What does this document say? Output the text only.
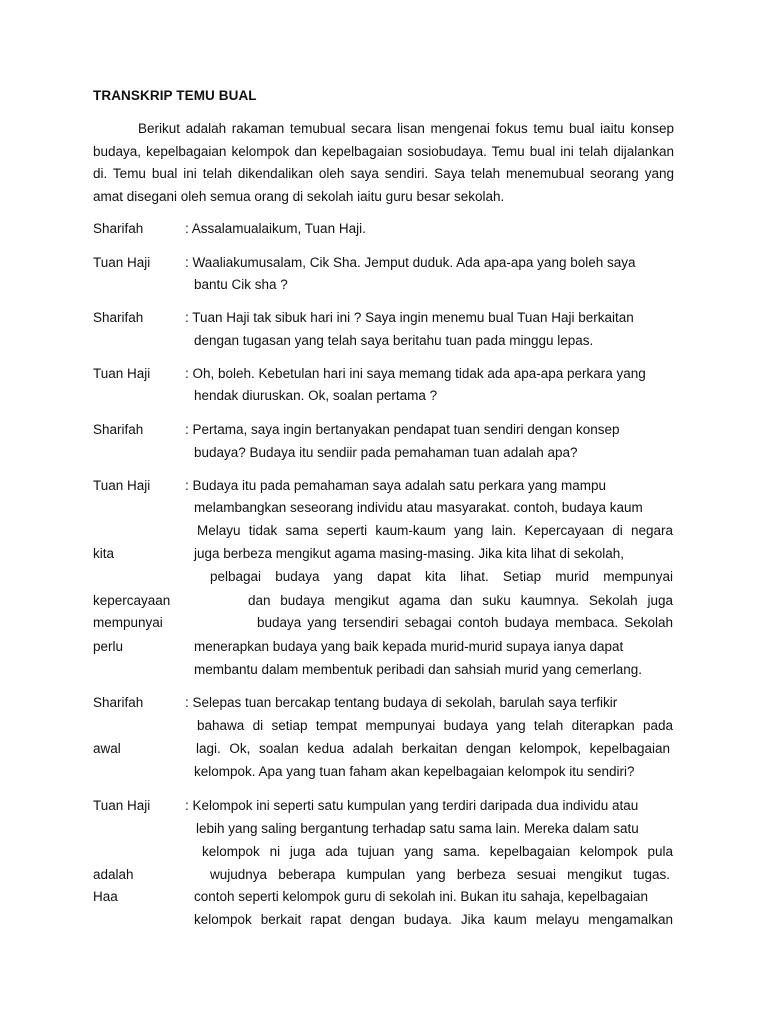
TRANSKRIP TEMU BUAL
Berikut adalah rakaman temubual secara lisan mengenai fokus temu bual iaitu konsep budaya, kepelbagaian kelompok dan kepelbagaian sosiobudaya. Temu bual ini telah dijalankan di. Temu bual ini telah dikendalikan oleh saya sendiri. Saya telah menemubual seorang yang amat disegani oleh semua orang di sekolah iaitu guru besar sekolah.
Sharifah	: Assalamualaikum, Tuan Haji.
Tuan Haji	: Waaliakumusalam, Cik Sha. Jemput duduk. Ada apa-apa yang boleh saya
bantu Cik sha ?
Sharifah	: Tuan Haji tak sibuk hari ini ? Saya ingin menemu bual Tuan Haji berkaitan
dengan tugasan yang telah saya beritahu tuan pada minggu lepas.
Tuan Haji	: Oh, boleh. Kebetulan hari ini saya memang tidak ada apa-apa perkara yang
hendak diuruskan. Ok, soalan pertama ?
Sharifah	: Pertama, saya ingin bertanyakan pendapat tuan sendiri dengan konsep
budaya? Budaya itu sendiir pada pemahaman tuan adalah apa?
Tuan Haji	: Budaya itu pada pemahaman saya adalah satu perkara yang mampu
melambangkan seseorang individu atau masyarakat. contoh, budaya kaum
Melayu tidak sama seperti kaum-kaum yang lain. Kepercayaan di negara
kita	juga berbeza mengikut agama masing-masing. Jika kita lihat di sekolah,
pelbagai budaya yang dapat kita lihat. Setiap murid mempunyai
kepercayaan	dan budaya mengikut agama dan suku kaumnya. Sekolah juga
mempunyai	budaya yang tersendiri sebagai contoh budaya membaca. Sekolah
perlu	menerapkan budaya yang baik kepada murid-murid supaya ianya dapat
membantu dalam membentuk peribadi dan sahsiah murid yang cemerlang.
Sharifah	: Selepas tuan bercakap tentang budaya di sekolah, barulah saya terfikir
bahawa di setiap tempat mempunyai budaya yang telah diterapkan pada
awal	lagi. Ok, soalan kedua adalah berkaitan dengan kelompok, kepelbagaian
kelompok. Apa yang tuan faham akan kepelbagaian kelompok itu sendiri?
Tuan Haji	: Kelompok ini seperti satu kumpulan yang terdiri daripada dua individu atau
lebih yang saling bergantung terhadap satu sama lain. Mereka dalam satu
kelompok ni juga ada tujuan yang sama. kepelbagaian kelompok pula
adalah	wujudnya beberapa kumpulan yang berbeza sesuai mengikut tugas.
Haa	contoh seperti kelompok guru di sekolah ini. Bukan itu sahaja, kepelbagaian
kelompok berkait rapat dengan budaya. Jika kaum melayu mengamalkan
